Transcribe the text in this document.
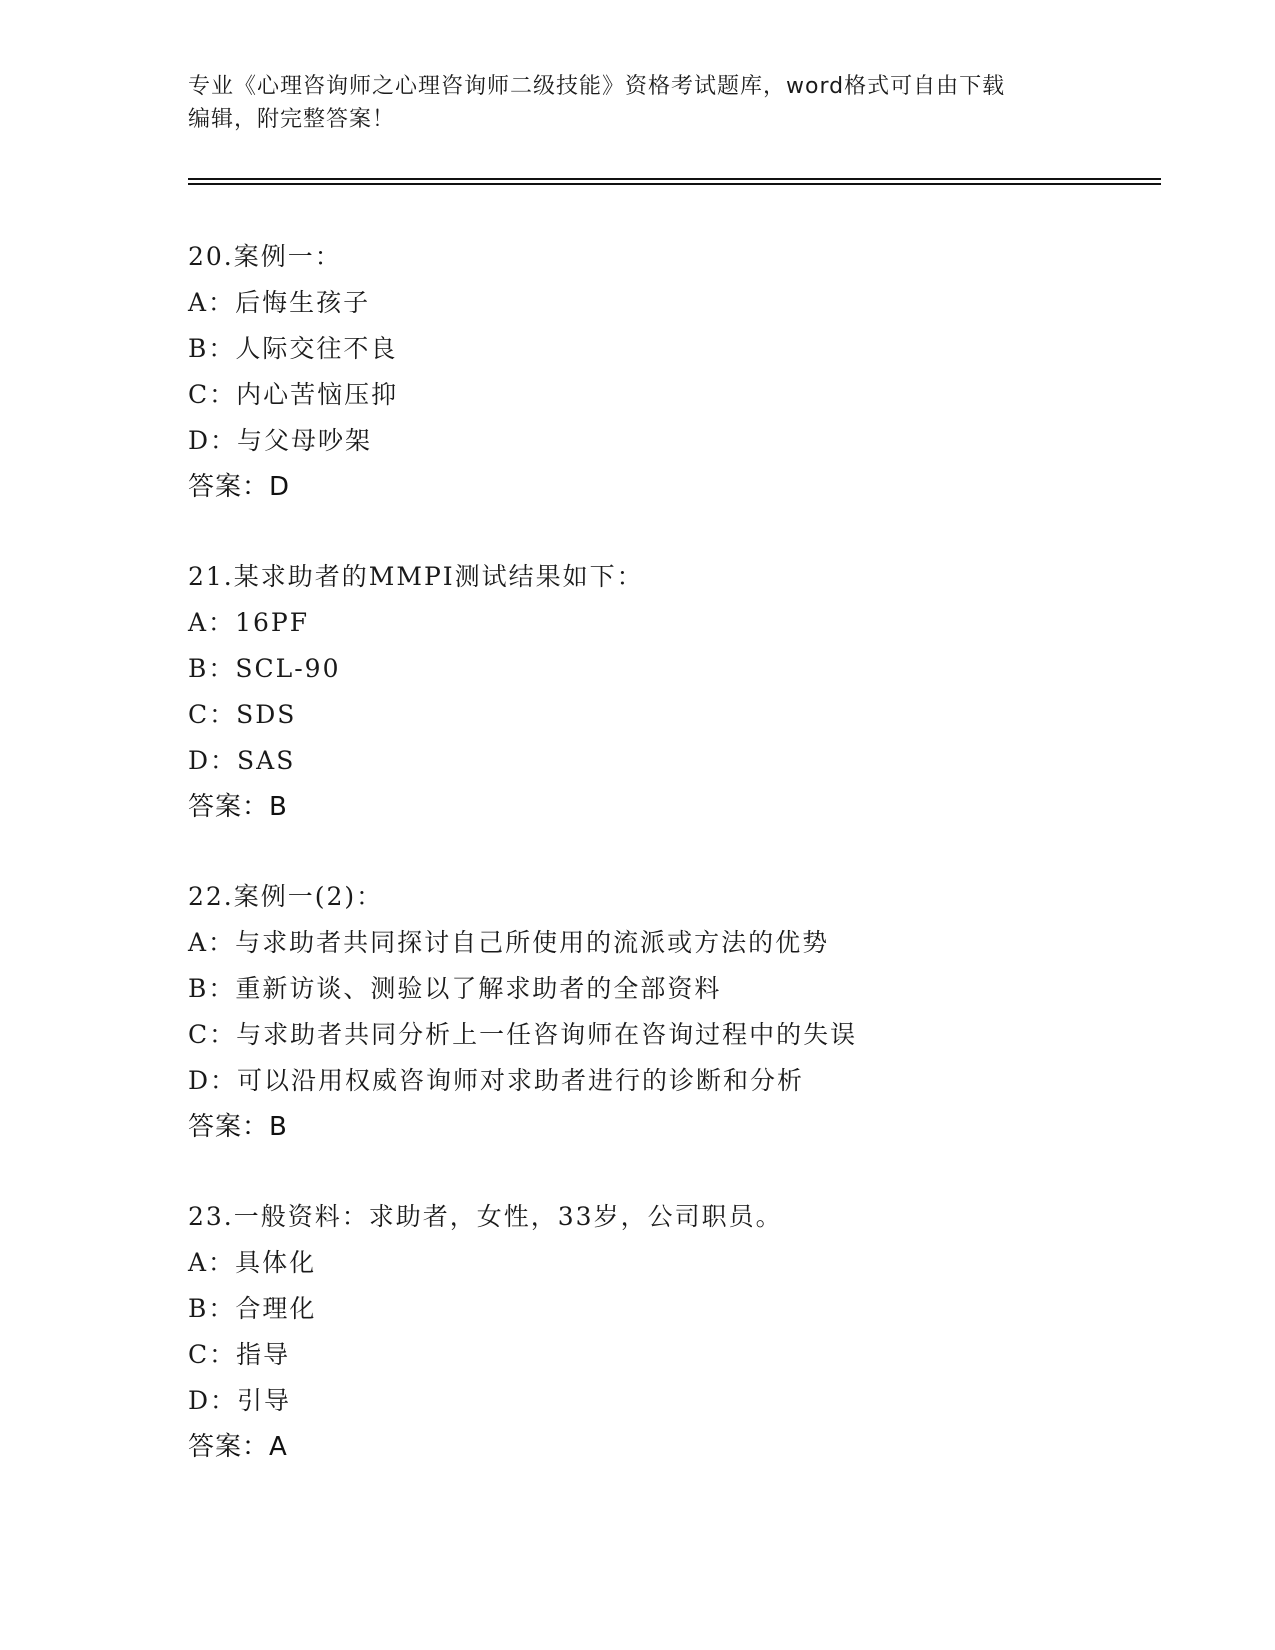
专业《心理咨询师之心理咨询师二级技能》资格考试题库，word格式可自由下载
编辑，附完整答案！
20.案例一：
A：后悔生孩子
B：人际交往不良
C：内心苦恼压抑
D：与父母吵架
答案：D
21.某求助者的MMPI测试结果如下：
A：16PF
B：SCL-90
C：SDS
D：SAS
答案：B
22.案例一(2)：
A：与求助者共同探讨自己所使用的流派或方法的优势
B：重新访谈、测验以了解求助者的全部资料
C：与求助者共同分析上一任咨询师在咨询过程中的失误
D：可以沿用权威咨询师对求助者进行的诊断和分析
答案：B
23.一般资料：求助者，女性，33岁，公司职员。
A：具体化
B：合理化
C：指导
D：引导
答案：A
